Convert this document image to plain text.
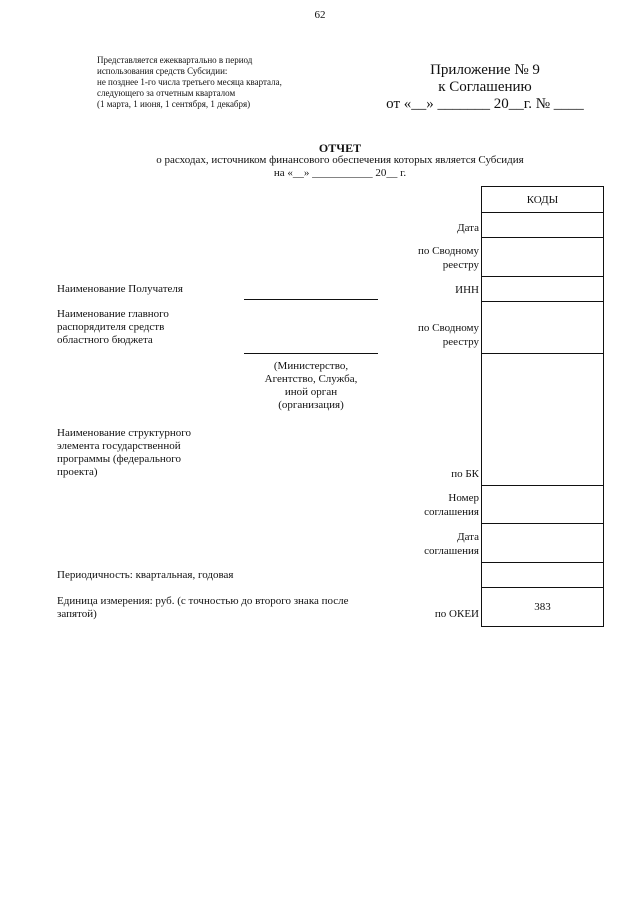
62
Представляется ежеквартально в период
использования средств Субсидии:
не позднее 1-го числа третьего месяца квартала,
следующего за отчетным кварталом
(1 марта, 1 июня, 1 сентября, 1 декабря)
Приложение № 9
к Соглашению
от «__» _______ 20__г. № ____
ОТЧЕТ
о расходах, источником финансового обеспечения которых является Субсидия
на «__» ___________ 20__ г.
КОДЫ
383
Дата
по Сводному
реестру
ИНН
по Сводному
реестру
по БК
Номер
соглашения
Дата
соглашения
по ОКЕИ
Наименование Получателя
Наименование главного
распорядителя средств
областного бюджета
(Министерство,
Агентство, Служба,
иной орган
(организация)
Наименование структурного
элемента государственной
программы (федерального
проекта)
Периодичность: квартальная, годовая
Единица измерения: руб. (с точностью до второго знака после
запятой)
